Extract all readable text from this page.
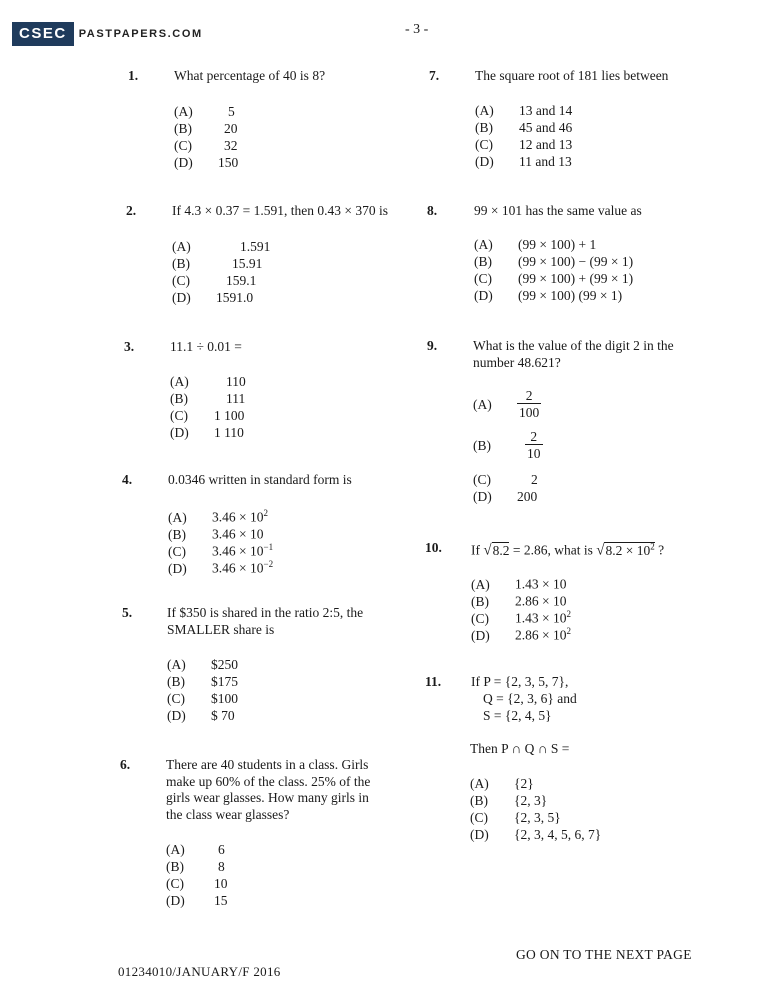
CSEC	PASTPAPERS.COM	- 3 -
1.	What percentage of 40 is 8?
(A)	5
(B) 20
(C) 32
(D) 150
2.	If 4.3 × 0.37 = 1.591, then 0.43 × 370 is
(A)	1.591
(B)	15.91
(C)	159.1
(D) 1591.0
3.	11.1 ÷ 0.01 =
(A)	110
(B)	111
(C) 1 100
(D) 1 110
4.	0.0346 written in standard form is
(A) $3.46 \times 10^2$
(B) 3.46 × 10
(C) $3.46 \times 10^{-1}$
(D) $3.46 \times 10^{-2}$
5.	If $350 is shared in the ratio 2:5, the
SMALLER share is
(A) $250
(B) $175
(C) $100
(D) $ 70
6.	There are 40 students in a class. Girls
make up 60% of the class. 25% of the
girls wear glasses. How many girls in
the class wear glasses?
(A) 6
(B)	8
(C) 10
(D) 15
7.	The square root of 181 lies between
(A) 13 and 14
(B) 45 and 46
(C) 12 and 13
(D) 11 and 13
8.	99 × 101 has the same value as
(A) (99 × 100) + 1
(B) (99 × 100) − (99 × 1)
(C) (99 × 100) + (99 × 1)
(D) (99 × 100) (99 × 1)
9.	What is the value of the digit 2 in the
number 48.621?
(A)	$\frac{2}{100}$
(B)	$\frac{2}{10}$
(C)	2
(D) 200
10. If √8.2 = 2.86, what is $√8.2 \times 10^2$ ?
(A) 1.43 × 10
(B) 2.86 × 10
(C) $1.43 \times 10^2$
(D) $2.86 \times 10^2$
11. If P = {2, 3, 5, 7},
Q = {2, 3, 6} and
S = {2, 4, 5}
Then P ∩ Q ∩ S =
(A) {2}
(B) {2, 3}
(C) {2, 3, 5}
(D) {2, 3, 4, 5, 6, 7}
GO ON TO THE NEXT PAGE
01234010/JANUARY/F 2016
